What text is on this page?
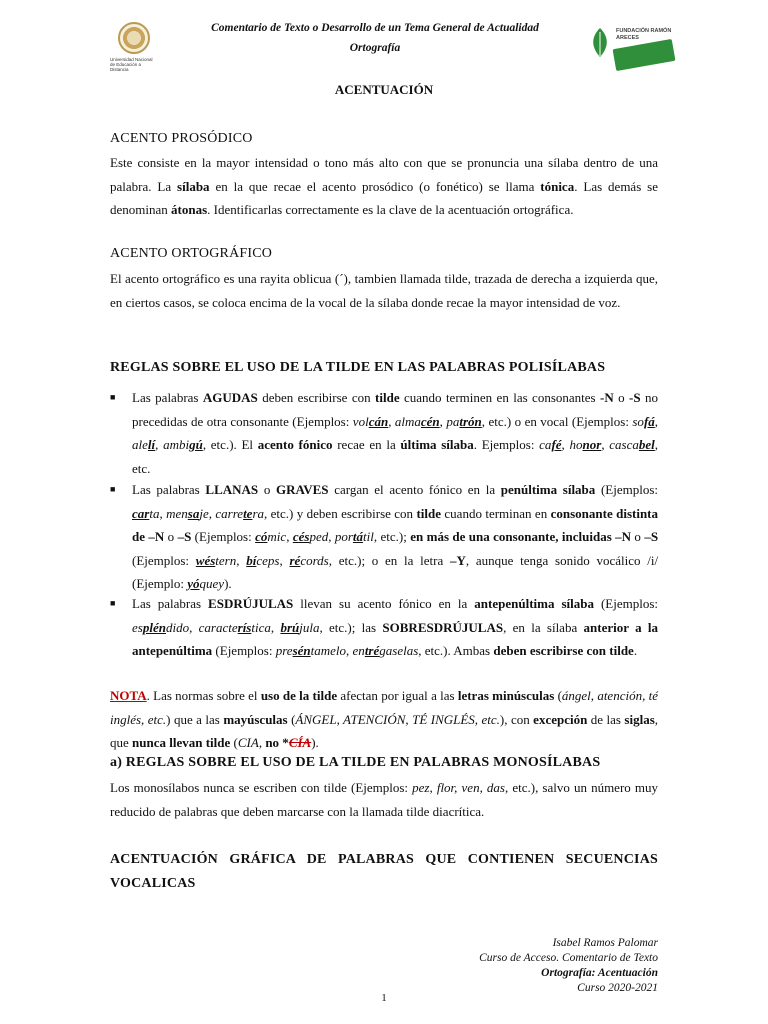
Universidad Nacional de Educación a Distancia
Comentario de Texto o Desarrollo de un Tema General de Actualidad
Ortografía
FUNDACIÓN RAMÓN ARECES
ACENTUACIÓN
ACENTO PROSÓDICO
Este consiste en la mayor intensidad o tono más alto con que se pronuncia una sílaba dentro de una palabra. La sílaba en la que recae el acento prosódico (o fonético) se llama tónica. Las demás se denominan átonas. Identificarlas correctamente es la clave de la acentuación ortográfica.
ACENTO ORTOGRÁFICO
El acento ortográfico es una rayita oblicua (´), tambien llamada tilde, trazada de derecha a izquierda que, en ciertos casos, se coloca encima de la vocal de la sílaba donde recae la mayor intensidad de voz.
REGLAS SOBRE EL USO DE LA TILDE EN LAS PALABRAS POLISÍLABAS
■ Las palabras AGUDAS deben escribirse con tilde cuando terminen en las consonantes -N o -S no precedidas de otra consonante (Ejemplos: volcán, almacén, patrón, etc.) o en vocal (Ejemplos: sofá, alelí, ambigú, etc.). El acento fónico recae en la última sílaba. Ejemplos: café, honor, cascabel, etc.
■ Las palabras LLANAS o GRAVES cargan el acento fónico en la penúltima sílaba (Ejemplos: carta, mensaje, carretera, etc.) y deben escribirse con tilde cuando terminan en consonante distinta de –N o –S (Ejemplos: cómic, césped, portátil, etc.); en más de una consonante, incluidas –N o –S (Ejemplos: wéstern, bíceps, récords, etc.); o en la letra –Y, aunque tenga sonido vocálico /i/ (Ejemplo: yóquey).
■ Las palabras ESDRÚJULAS llevan su acento fónico en la antepenúltima sílaba (Ejemplos: espléndido, característica, brújula, etc.); las SOBRESDRÚJULAS, en la sílaba anterior a la antepenúltima (Ejemplos: preséntamelo, entrégaselas, etc.). Ambas deben escribirse con tilde.
NOTA. Las normas sobre el uso de la tilde afectan por igual a las letras minúsculas (ángel, atención, té inglés, etc.) que a las mayúsculas (ÁNGEL, ATENCIÓN, TÉ INGLÉS, etc.), con excepción de las siglas, que nunca llevan tilde (CIA, no *CÍA).
a) REGLAS SOBRE EL USO DE LA TILDE EN PALABRAS MONOSÍLABAS
Los monosílabos nunca se escriben con tilde (Ejemplos: pez, flor, ven, das, etc.), salvo un número muy reducido de palabras que deben marcarse con la llamada tilde diacrítica.
ACENTUACIÓN GRÁFICA DE PALABRAS QUE CONTIENEN SECUENCIAS
VOCALICAS
Isabel Ramos Palomar
Curso de Acceso. Comentario de Texto
Ortografía: Acentuación
Curso 2020-2021
1
